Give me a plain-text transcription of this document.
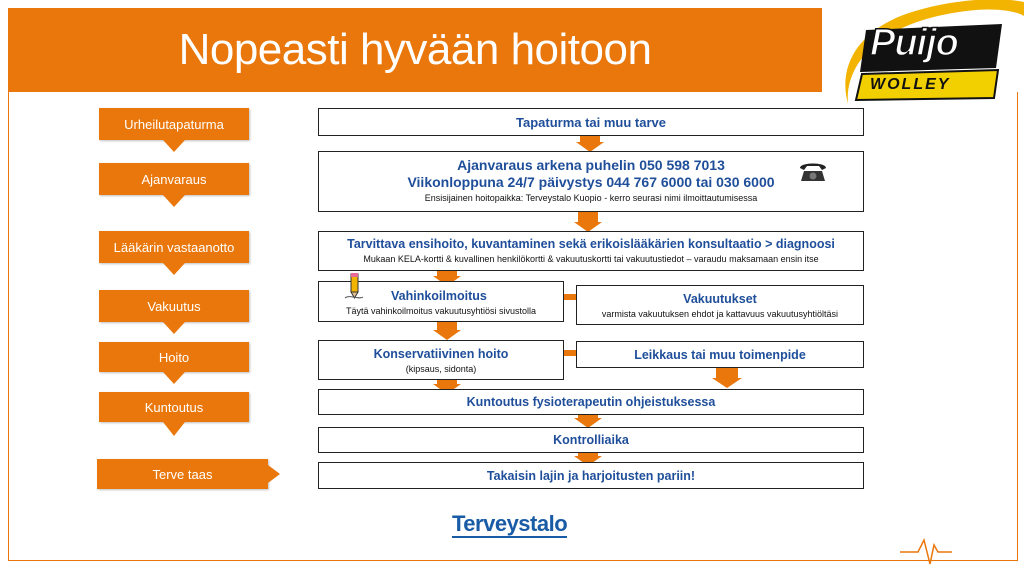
Nopeasti hyvään hoitoon	Puijo
WOLLEY
Urheilutapaturma
Ajanvaraus
Lääkärin vastaanotto
Vakuutus
Hoito
Kuntoutus
Terve taas
Tapaturma tai muu tarve
Ajanvaraus arkena puhelin 050 598 7013
Viikonloppuna 24/7 päivystys 044 767 6000 tai 030 6000
Ensisijainen hoitopaikka: Terveystalo Kuopio - kerro seurasi nimi ilmoittautumisessa
Tarvittava ensihoito, kuvantaminen sekä erikoislääkärien konsultaatio > diagnoosi
Mukaan KELA-kortti & kuvallinen henkilökortti & vakuutuskortti tai vakuutustiedot – varaudu maksamaan ensin itse
Vahinkoilmoitus
Täytä vahinkoilmoitus vakuutusyhtiösi sivustolla
Vakuutukset
varmista vakuutuksen ehdot ja kattavuus vakuutusyhtiöltäsi
Konservatiivinen hoito
(kipsaus, sidonta)
Leikkaus tai muu toimenpide
Kuntoutus fysioterapeutin ohjeistuksessa
Kontrolliaika
Takaisin lajin ja harjoitusten pariin!
Terveystalo
